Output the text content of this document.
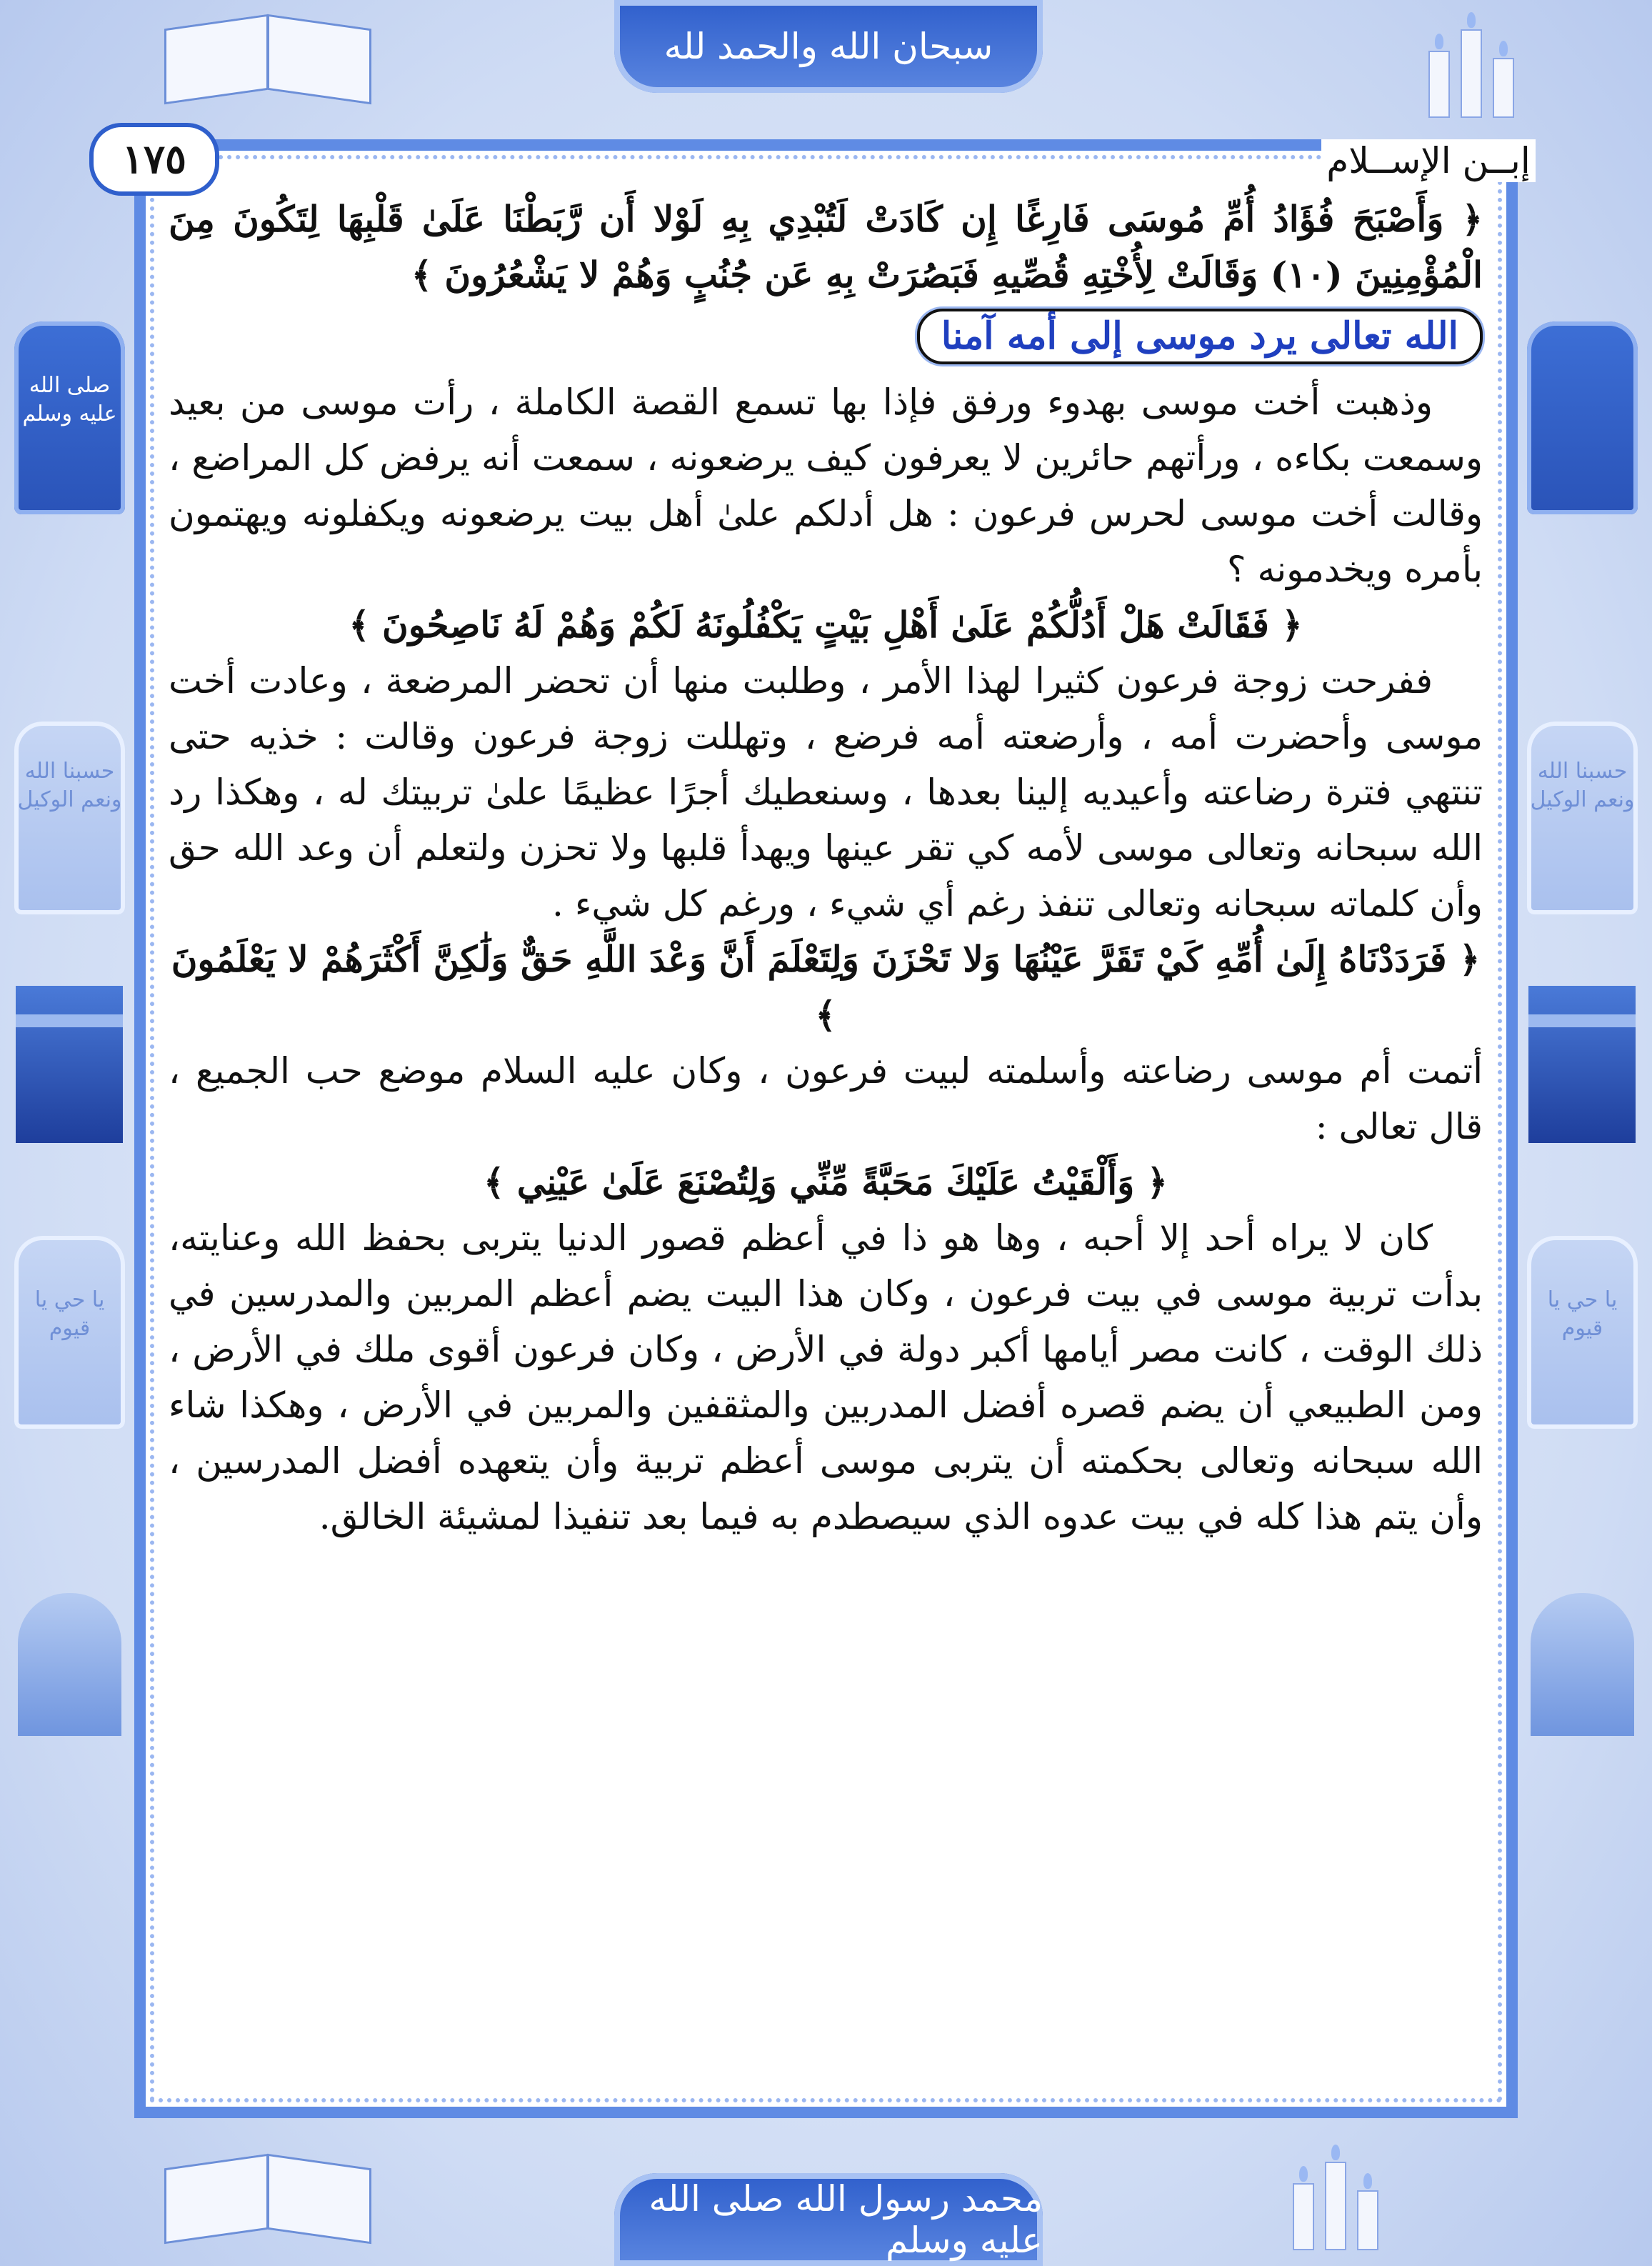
صلى الله عليه وسلم
حسبنا الله ونعم الوكيل
يا حي يا قيوم
حسبنا الله ونعم الوكيل
يا حي يا قيوم
سبحان الله والحمد لله
محمد رسول الله صلى الله عليه وسلم
١٧٥	إبــن الإســلام

﴿ وَأَصْبَحَ فُؤَادُ أُمِّ مُوسَى فَارِغًا إِن كَادَتْ لَتُبْدِي بِهِ لَوْلا أَن رَّبَطْنَا عَلَىٰ قَلْبِهَا لِتَكُونَ مِنَ الْمُؤْمِنِينَ (١٠) وَقَالَتْ لِأُخْتِهِ قُصِّيهِ فَبَصُرَتْ بِهِ عَن جُنُبٍ وَهُمْ لا يَشْعُرُونَ ﴾

الله تعالى يرد موسى إلى أمه آمنا

وذهبت أخت موسى بهدوء ورفق فإذا بها تسمع القصة الكاملة ، رأت موسى من بعيد وسمعت بكاءه ، ورأتهم حائرين لا يعرفون كيف يرضعونه ، سمعت أنه يرفض كل المراضع ، وقالت أخت موسى لحرس فرعون : هل أدلكم علىٰ أهل بيت يرضعونه ويكفلونه ويهتمون بأمره ويخدمونه ؟

﴿ فَقَالَتْ هَلْ أَدُلُّكُمْ عَلَىٰ أَهْلِ بَيْتٍ يَكْفُلُونَهُ لَكُمْ وَهُمْ لَهُ نَاصِحُونَ ﴾

ففرحت زوجة فرعون كثيرا لهذا الأمر ، وطلبت منها أن تحضر المرضعة ، وعادت أخت موسى وأحضرت أمه ، وأرضعته أمه فرضع ، وتهللت زوجة فرعون وقالت : خذيه حتى تنتهي فترة رضاعته وأعيديه إلينا بعدها ، وسنعطيك أجرًا عظيمًا علىٰ تربيتك له ، وهكذا رد الله سبحانه وتعالى موسى لأمه كي تقر عينها ويهدأ قلبها ولا تحزن ولتعلم أن وعد الله حق وأن كلماته سبحانه وتعالى تنفذ رغم أي شيء ، ورغم كل شيء .

﴿ فَرَدَدْنَاهُ إِلَىٰ أُمِّهِ كَيْ تَقَرَّ عَيْنُهَا وَلا تَحْزَنَ وَلِتَعْلَمَ أَنَّ وَعْدَ اللَّهِ حَقٌّ وَلَٰكِنَّ أَكْثَرَهُمْ لا يَعْلَمُونَ ﴾

أتمت أم موسى رضاعته وأسلمته لبيت فرعون ، وكان عليه السلام موضع حب الجميع ، قال تعالى :

﴿ وَأَلْقَيْتُ عَلَيْكَ مَحَبَّةً مِّنِّي وَلِتُصْنَعَ عَلَىٰ عَيْنِي ﴾

كان لا يراه أحد إلا أحبه ، وها هو ذا في أعظم قصور الدنيا يتربى بحفظ الله وعنايته، بدأت تربية موسى في بيت فرعون ، وكان هذا البيت يضم أعظم المربين والمدرسين في ذلك الوقت ، كانت مصر أيامها أكبر دولة في الأرض ، وكان فرعون أقوى ملك في الأرض ، ومن الطبيعي أن يضم قصره أفضل المدربين والمثقفين والمربين في الأرض ، وهكذا شاء الله سبحانه وتعالى بحكمته أن يتربى موسى أعظم تربية وأن يتعهده أفضل المدرسين ، وأن يتم هذا كله في بيت عدوه الذي سيصطدم به فيما بعد تنفيذا لمشيئة الخالق.
